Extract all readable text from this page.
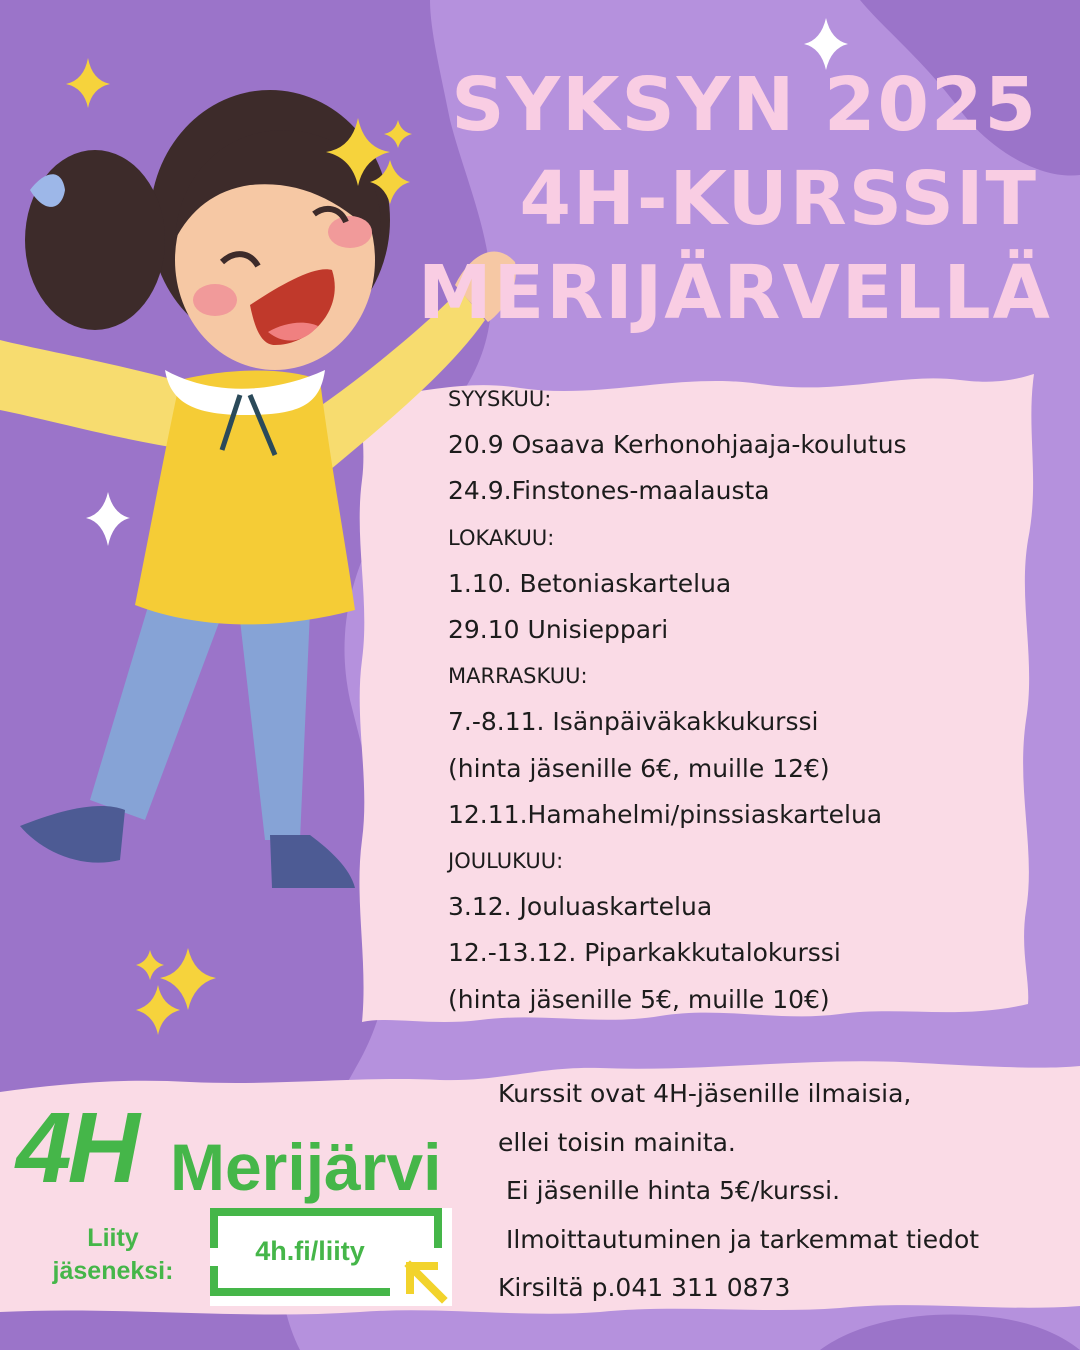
SYKSYN 2025
4H-KURSSIT
MERIJÄRVELLÄ
SYYSKUU:
20.9 Osaava Kerhonohjaaja-koulutus
24.9.Finstones-maalausta
LOKAKUU:
1.10. Betoniaskartelua
29.10 Unisieppari
MARRASKUU:
7.-8.11. Isänpäiväkakkukurssi
(hinta jäsenille 6€, muille 12€)
12.11.Hamahelmi/pinssiaskartelua
JOULUKUU:
3.12. Jouluaskartelua
12.-13.12. Piparkakkutalokurssi
(hinta jäsenille 5€, muille 10€)
4H Merijärvi
Liity
jäseneksi:
4h.fi/liity
Kurssit ovat 4H-jäsenille ilmaisia,
ellei toisin mainita.
Ei jäsenille hinta 5€/kurssi.
Ilmoittautuminen ja tarkemmat tiedot
Kirsiltä p.041 311 0873
